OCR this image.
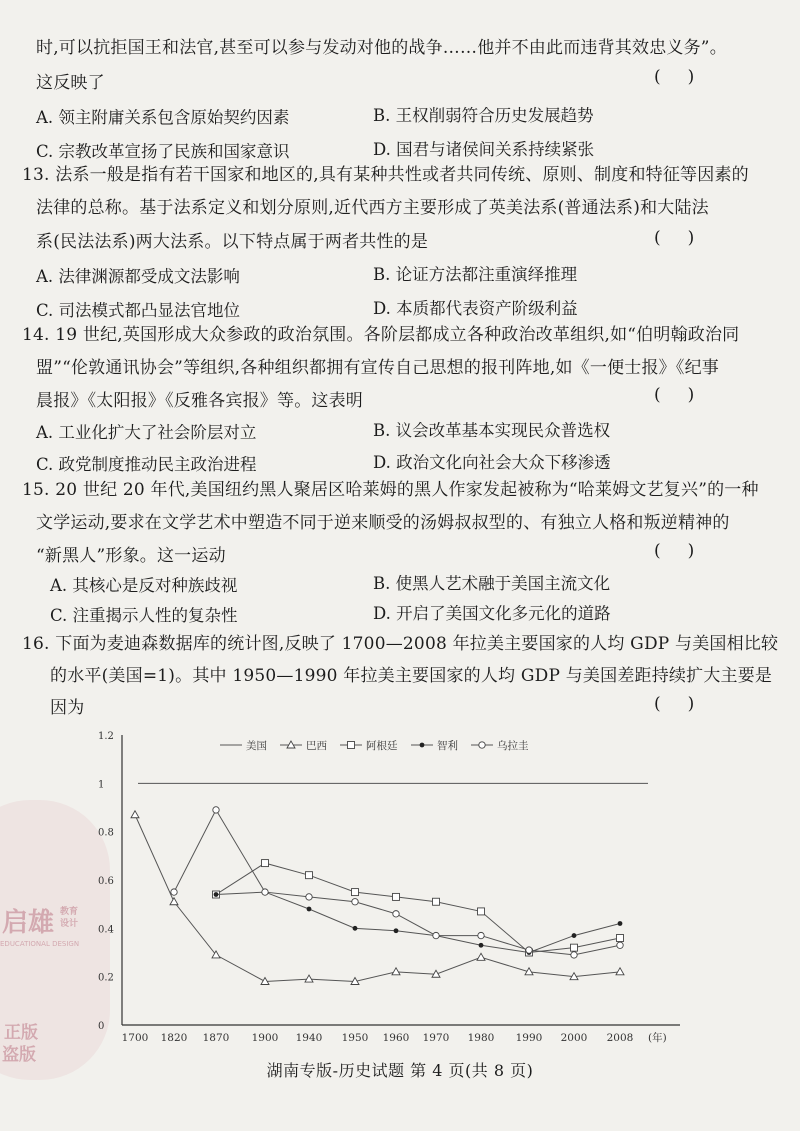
启雄 教育
设计
EDUCATIONAL DESIGN
正版
盗版
时,可以抗拒国王和法官,甚至可以参与发动对他的战争……他并不由此而违背其效忠义务”。
这反映了	(     )
A. 领主附庸关系包含原始契约因素	B. 王权削弱符合历史发展趋势
C. 宗教改革宣扬了民族和国家意识	D. 国君与诸侯间关系持续紧张
13. 法系一般是指有若干国家和地区的,具有某种共性或者共同传统、原则、制度和特征等因素的
法律的总称。基于法系定义和划分原则,近代西方主要形成了英美法系(普通法系)和大陆法
系(民法法系)两大法系。以下特点属于两者共性的是	(     )
A. 法律渊源都受成文法影响	B. 论证方法都注重演绎推理
C. 司法模式都凸显法官地位	D. 本质都代表资产阶级利益
14. 19 世纪,英国形成大众参政的政治氛围。各阶层都成立各种政治改革组织,如“伯明翰政治同
盟”“伦敦通讯协会”等组织,各种组织都拥有宣传自己思想的报刊阵地,如《一便士报》《纪事
晨报》《太阳报》《反雅各宾报》等。这表明	(     )
A. 工业化扩大了社会阶层对立	B. 议会改革基本实现民众普选权
C. 政党制度推动民主政治进程	D. 政治文化向社会大众下移渗透
15. 20 世纪 20 年代,美国纽约黑人聚居区哈莱姆的黑人作家发起被称为“哈莱姆文艺复兴”的一种
文学运动,要求在文学艺术中塑造不同于逆来顺受的汤姆叔叔型的、有独立人格和叛逆精神的
“新黑人”形象。这一运动	(     )
A. 其核心是反对种族歧视	B. 使黑人艺术融于美国主流文化
C. 注重揭示人性的复杂性	D. 开启了美国文化多元化的道路
16. 下面为麦迪森数据库的统计图,反映了 1700—2008 年拉美主要国家的人均 GDP 与美国相比较
的水平(美国=1)。其中 1950—1990 年拉美主要国家的人均 GDP 与美国差距持续扩大主要是
因为	(     )
0
0.2
0.4
0.6
0.8
1
1.2
1700 1820 1870 1900 1940 1950 1960 1970 1980 1990 2000 2008 (年)
美国	巴西	阿根廷	智利	乌拉圭
湖南专版-历史试题 第 4 页(共 8 页)
